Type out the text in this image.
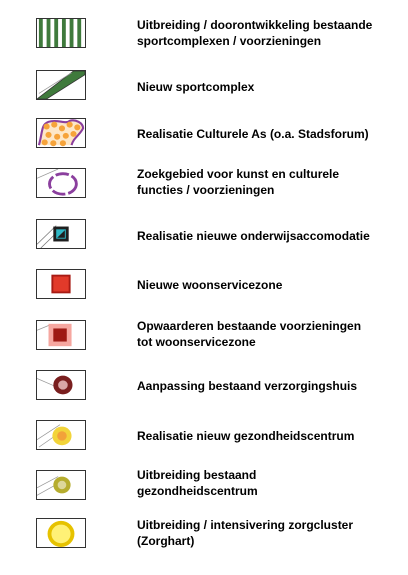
Uitbreiding / doorontwikkeling bestaande
sportcomplexen / voorzieningen
Nieuw sportcomplex
Realisatie Culturele As (o.a. Stadsforum)
Zoekgebied voor kunst en culturele
functies / voorzieningen
Realisatie nieuwe onderwijsaccomodatie
Nieuwe woonservicezone
Opwaarderen bestaande voorzieningen
tot woonservicezone
Aanpassing bestaand verzorgingshuis
Realisatie nieuw gezondheidscentrum
Uitbreiding bestaand
gezondheidscentrum
Uitbreiding / intensivering zorgcluster
(Zorghart)
